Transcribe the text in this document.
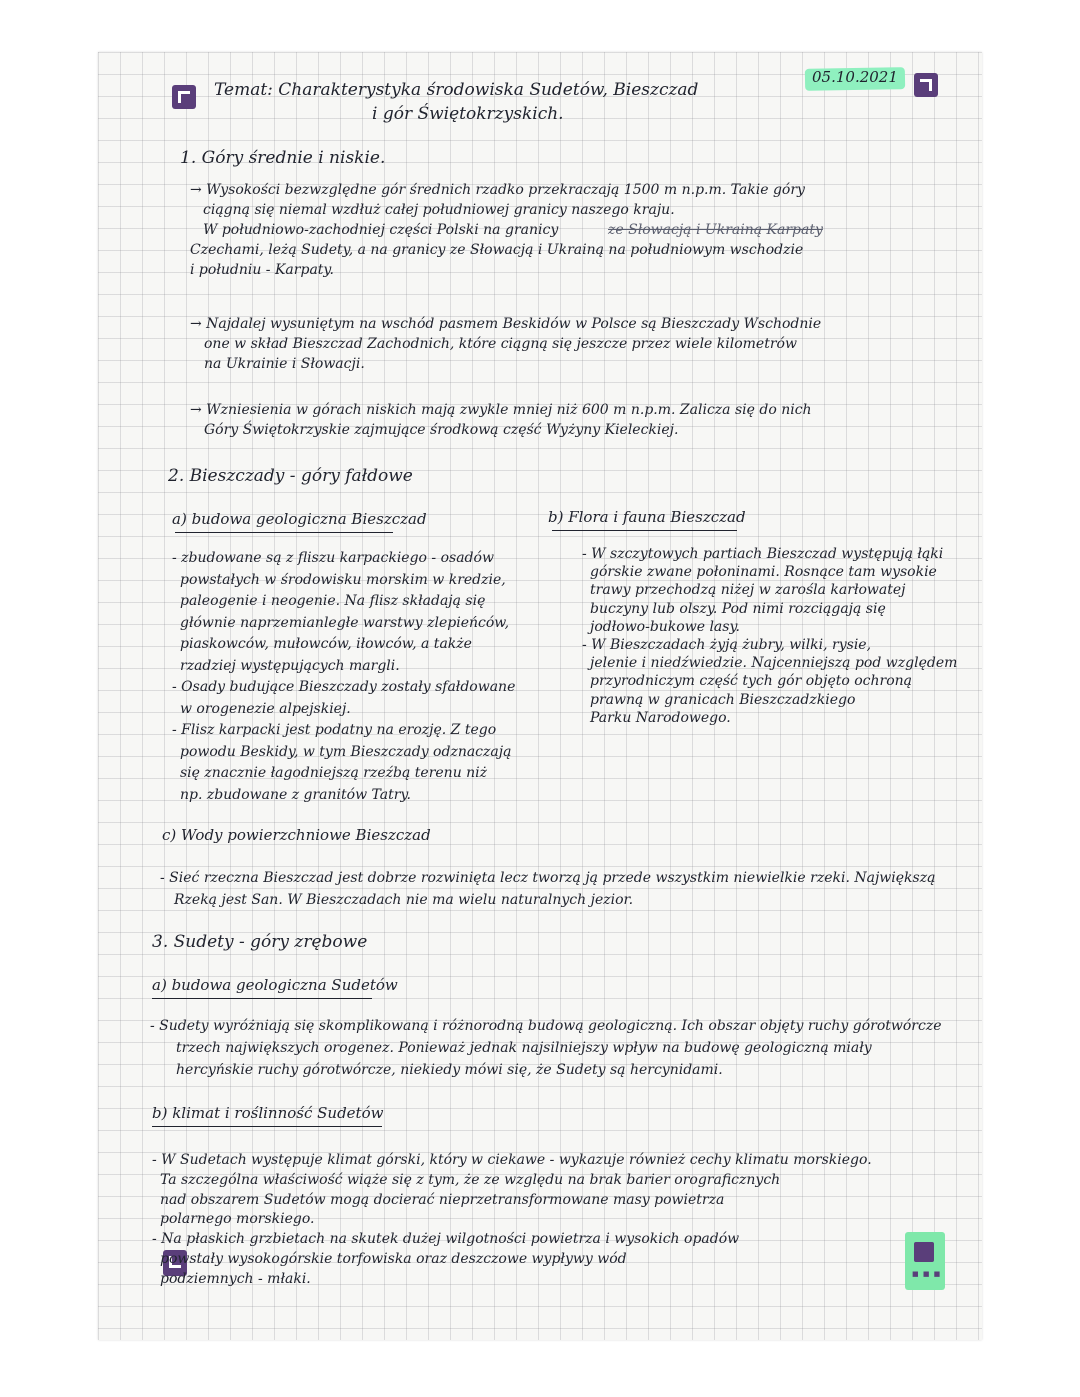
■ ■ ■
05.10.2021
Temat: Charakterystyka środowiska Sudetów, Bieszczad
i gór Świętokrzyskich.
1. Góry średnie i niskie.
→ Wysokości bezwzględne gór średnich rzadko przekraczają 1500 m n.p.m. Takie góry
ciągną się niemal wzdłuż całej południowej granicy naszego kraju.
W południowo-zachodniej części Polski na granicy	ze Słowacją i Ukrainą Karpaty
Czechami, leżą Sudety, a na granicy ze Słowacją i Ukrainą na południowym wschodzie
i południu - Karpaty.
→ Najdalej wysuniętym na wschód pasmem Beskidów w Polsce są Bieszczady Wschodnie
one w skład Bieszczad Zachodnich, które ciągną się jeszcze przez wiele kilometrów
na Ukrainie i Słowacji.
→ Wzniesienia w górach niskich mają zwykle mniej niż 600 m n.p.m. Zalicza się do nich
Góry Świętokrzyskie zajmujące środkową część Wyżyny Kieleckiej.
2. Bieszczady - góry fałdowe
a) budowa geologiczna Bieszczad
- zbudowane są z fliszu karpackiego - osadów
powstałych w środowisku morskim w kredzie,
paleogenie i neogenie. Na flisz składają się
głównie naprzemianległe warstwy zlepieńców,
piaskowców, mułowców, iłowców, a także
rzadziej występujących margli.
- Osady budujące Bieszczady zostały sfałdowane
w orogenezie alpejskiej.
- Flisz karpacki jest podatny na erozję. Z tego
powodu Beskidy, w tym Bieszczady odznaczają
się znacznie łagodniejszą rzeźbą terenu niż
np. zbudowane z granitów Tatry.
b) Flora i fauna Bieszczad
- W szczytowych partiach Bieszczad występują łąki
górskie zwane połoninami. Rosnące tam wysokie
trawy przechodzą niżej w zarośla karłowatej
buczyny lub olszy. Pod nimi rozciągają się
jodłowo-bukowe lasy.
- W Bieszczadach żyją żubry, wilki, rysie,
jelenie i niedźwiedzie. Najcenniejszą pod względem
przyrodniczym część tych gór objęto ochroną
prawną w granicach Bieszczadzkiego
Parku Narodowego.
c) Wody powierzchniowe Bieszczad
- Sieć rzeczna Bieszczad jest dobrze rozwinięta lecz tworzą ją przede wszystkim niewielkie rzeki. Największą
Rzeką jest San. W Bieszczadach nie ma wielu naturalnych jezior.
3. Sudety - góry zrębowe
a) budowa geologiczna Sudetów
- Sudety wyróżniają się skomplikowaną i różnorodną budową geologiczną. Ich obszar objęty ruchy górotwórcze
trzech największych orogenez. Ponieważ jednak najsilniejszy wpływ na budowę geologiczną miały
hercyńskie ruchy górotwórcze, niekiedy mówi się, że Sudety są hercynidami.
b) klimat i roślinność Sudetów
- W Sudetach występuje klimat górski, który w ciekawe - wykazuje również cechy klimatu morskiego.
Ta szczególna właściwość wiąże się z tym, że ze względu na brak barier orograficznych
nad obszarem Sudetów mogą docierać nieprzetransformowane masy powietrza
polarnego morskiego.
- Na płaskich grzbietach na skutek dużej wilgotności powietrza i wysokich opadów
powstały wysokogórskie torfowiska oraz deszczowe wypływy wód
podziemnych - młaki.
